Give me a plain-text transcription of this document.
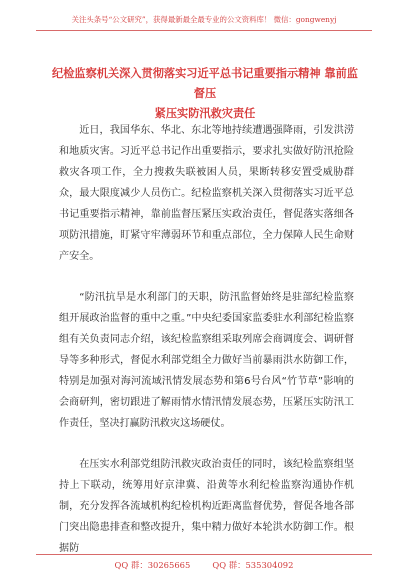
关注头条号“公文研究”，获得最新最全最专业的公文资料库！ 微信：gongwenyj
纪检监察机关深入贯彻落实习近平总书记重要指示精神 靠前监督压
紧压实防汛救灾责任

近日，我国华东、华北、东北等地持续遭遇强降雨，引发洪涝和地质灾害。习近平总书记作出重要指示，要求扎实做好防汛抢险救灾各项工作，全力搜救失联被困人员，果断转移安置受威胁群众，最大限度减少人员伤亡。纪检监察机关深入贯彻落实习近平总书记重要指示精神，靠前监督压紧压实政治责任，督促落实落细各项防汛措施，盯紧守牢薄弱环节和重点部位，全力保障人民生命财产安全。

“防汛抗旱是水利部门的天职，防汛监督始终是驻部纪检监察组开展政治监督的重中之重。”中央纪委国家监委驻水利部纪检监察组有关负责同志介绍，该纪检监察组采取列席会商调度会、调研督导等多种形式，督促水利部党组全力做好当前暴雨洪水防御工作，特别是加强对海河流域汛情发展态势和第6号台风“竹节草”影响的会商研判，密切跟进了解雨情水情汛情发展态势，压紧压实防汛工作责任，坚决打赢防汛救灾这场硬仗。

在压实水利部党组防汛救灾政治责任的同时，该纪检监察组坚持上下联动，统筹用好京津冀、沿黄等水利纪检监察沟通协作机制，充分发挥各流域机构纪检机构近距离监督优势，督促各地各部门突出隐患排查和整改提升，集中精力做好本轮洪水防御工作。根据防

QQ 群：30265665	QQ 群：535304092
